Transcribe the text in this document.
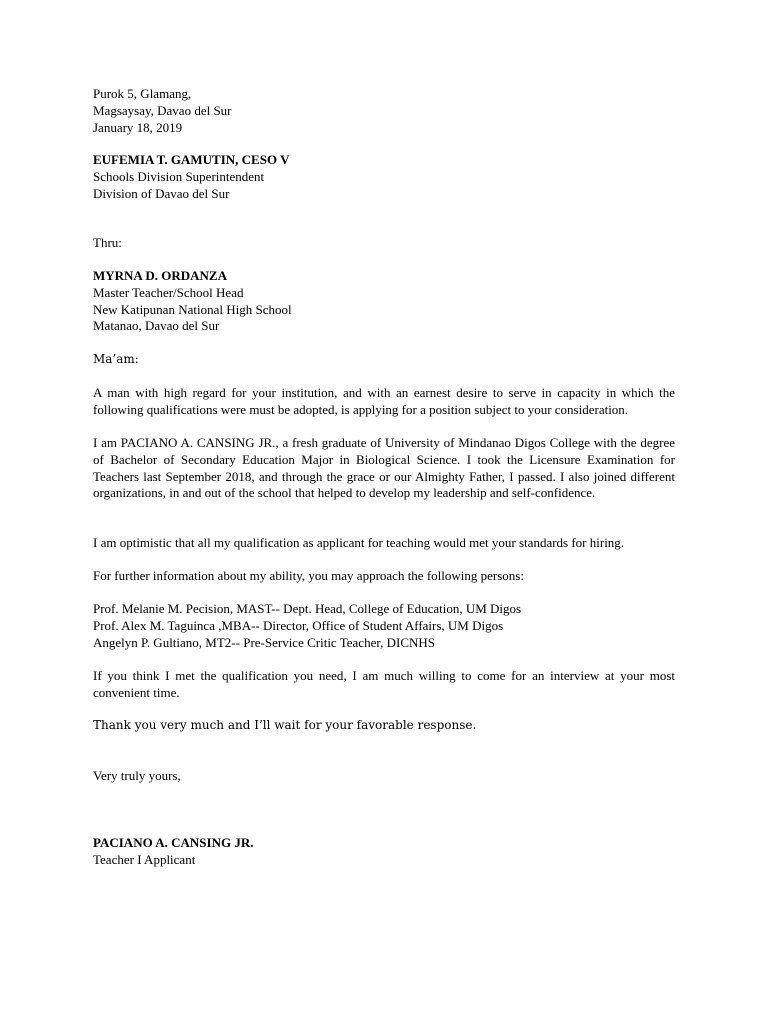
Purok 5, Glamang,
Magsaysay, Davao del Sur
January 18, 2019
EUFEMIA T. GAMUTIN, CESO V
Schools Division Superintendent
Division of Davao del Sur
Thru:
MYRNA D. ORDANZA
Master Teacher/School Head
New Katipunan National High School
Matanao, Davao del Sur
Ma’am:
A man with high regard for your institution, and with an earnest desire to serve in capacity in which the following qualifications were must be adopted, is applying for a position subject to your consideration.
I am PACIANO A. CANSING JR., a fresh graduate of University of Mindanao Digos College with the degree of Bachelor of Secondary Education Major in Biological Science. I took the Licensure Examination for Teachers last September 2018, and through the grace or our Almighty Father, I passed. I also joined different organizations, in and out of the school that helped to develop my leadership and self-confidence.
I am optimistic that all my qualification as applicant for teaching would met your standards for hiring.
For further information about my ability, you may approach the following persons:
Prof. Melanie M. Pecision, MAST-- Dept. Head, College of Education, UM Digos
Prof. Alex M. Taguinca ,MBA-- Director, Office of Student Affairs, UM Digos
Angelyn P. Gultiano, MT2-- Pre-Service Critic Teacher, DICNHS
If you think I met the qualification you need, I am much willing to come for an interview at your most convenient time.
Thank you very much and I’ll wait for your favorable response.
Very truly yours,
PACIANO A. CANSING JR.
Teacher I Applicant
